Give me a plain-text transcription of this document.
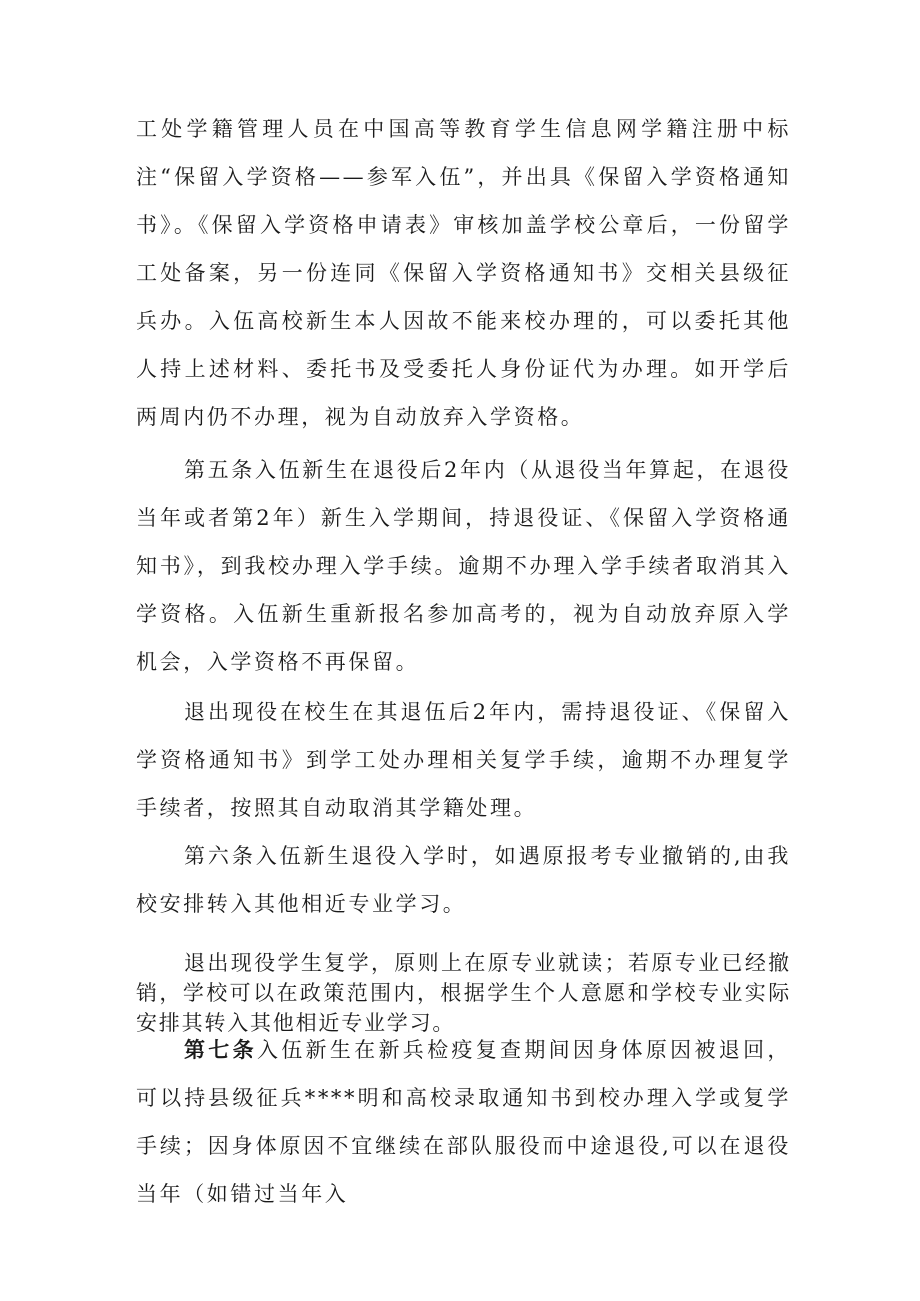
工处学籍管理人员在中国高等教育学生信息网学籍注册中标注“保留入学资格——参军入伍”，并出具《保留入学资格通知书》。《保留入学资格申请表》审核加盖学校公章后，一份留学工处备案，另一份连同《保留入学资格通知书》交相关县级征兵办。入伍高校新生本人因故不能来校办理的，可以委托其他人持上述材料、委托书及受委托人身份证代为办理。如开学后两周内仍不办理，视为自动放弃入学资格。

第五条入伍新生在退役后2年内（从退役当年算起，在退役当年或者第2年）新生入学期间，持退役证、《保留入学资格通知书》，到我校办理入学手续。逾期不办理入学手续者取消其入学资格。入伍新生重新报名参加高考的，视为自动放弃原入学机会，入学资格不再保留。

退出现役在校生在其退伍后2年内，需持退役证、《保留入学资格通知书》到学工处办理相关复学手续，逾期不办理复学手续者，按照其自动取消其学籍处理。

第六条入伍新生退役入学时，如遇原报考专业撤销的,由我校安排转入其他相近专业学习。

退出现役学生复学，原则上在原专业就读；若原专业已经撤销，学校可以在政策范围内，根据学生个人意愿和学校专业实际安排其转入其他相近专业学习。

第七条入伍新生在新兵检疫复查期间因身体原因被退回，可以持县级征兵****明和高校录取通知书到校办理入学或复学手续；因身体原因不宜继续在部队服役而中途退役,可以在退役当年（如错过当年入
